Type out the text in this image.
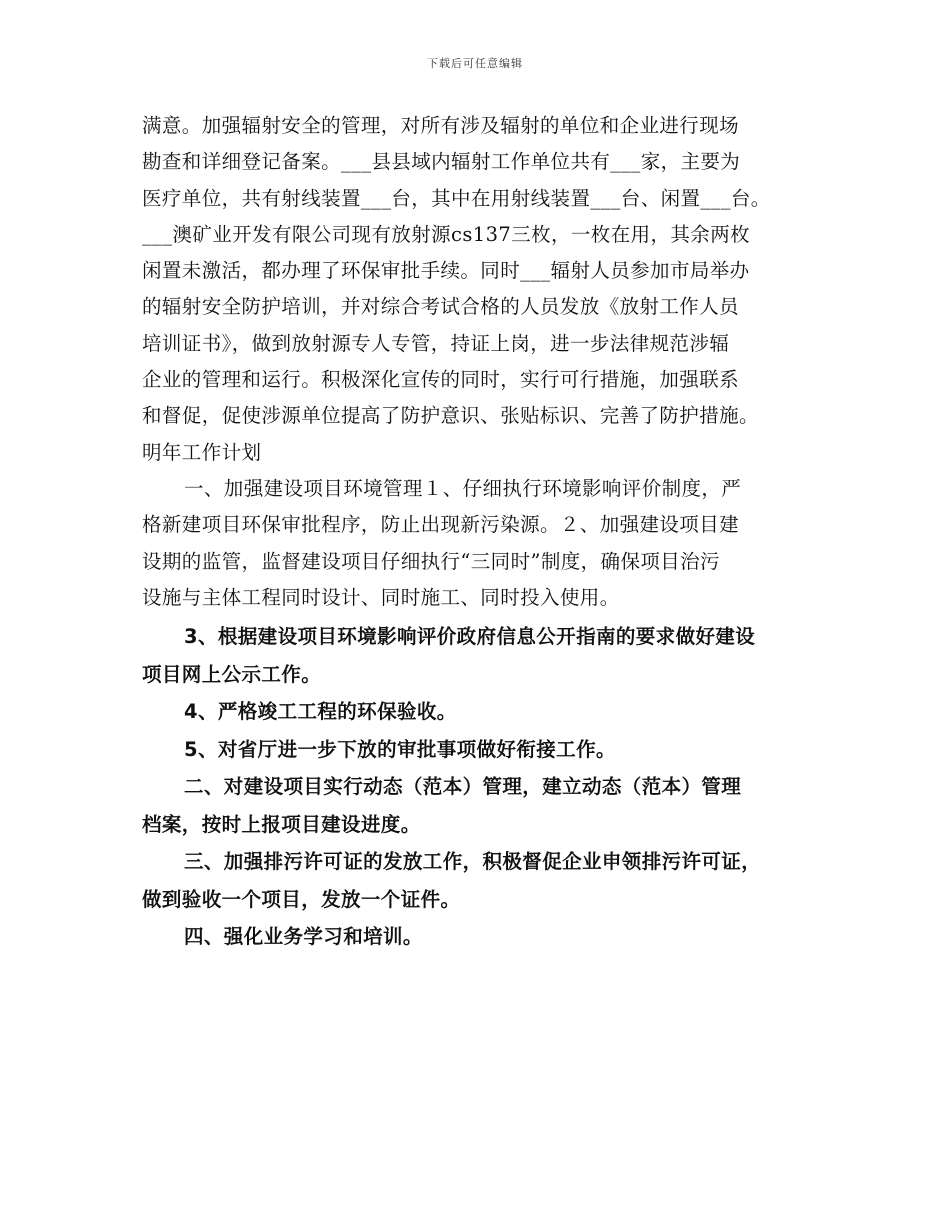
下载后可任意编辑
满意。加强辐射安全的管理，对所有涉及辐射的单位和企业进行现场
勘查和详细登记备案。___县县域内辐射工作单位共有___家，主要为
医疗单位，共有射线装置___台，其中在用射线装置___台、闲置___台。
___澳矿业开发有限公司现有放射源cs137三枚，一枚在用，其余两枚
闲置未激活，都办理了环保审批手续。同时___辐射人员参加市局举办
的辐射安全防护培训，并对综合考试合格的人员发放《放射工作人员
培训证书》，做到放射源专人专管，持证上岗，进一步法律规范涉辐
企业的管理和运行。积极深化宣传的同时，实行可行措施，加强联系
和督促，促使涉源单位提高了防护意识、张贴标识、完善了防护措施。
明年工作计划
一、加强建设项目环境管理１、仔细执行环境影响评价制度，严
格新建项目环保审批程序，防止出现新污染源。２、加强建设项目建
设期的监管，监督建设项目仔细执行“三同时”制度，确保项目治污
设施与主体工程同时设计、同时施工、同时投入使用。
3、根据建设项目环境影响评价政府信息公开指南的要求做好建设
项目网上公示工作。
4、严格竣工工程的环保验收。
5、对省厅进一步下放的审批事项做好衔接工作。
二、对建设项目实行动态（范本）管理，建立动态（范本）管理
档案，按时上报项目建设进度。
三、加强排污许可证的发放工作，积极督促企业申领排污许可证，
做到验收一个项目，发放一个证件。
四、强化业务学习和培训。
